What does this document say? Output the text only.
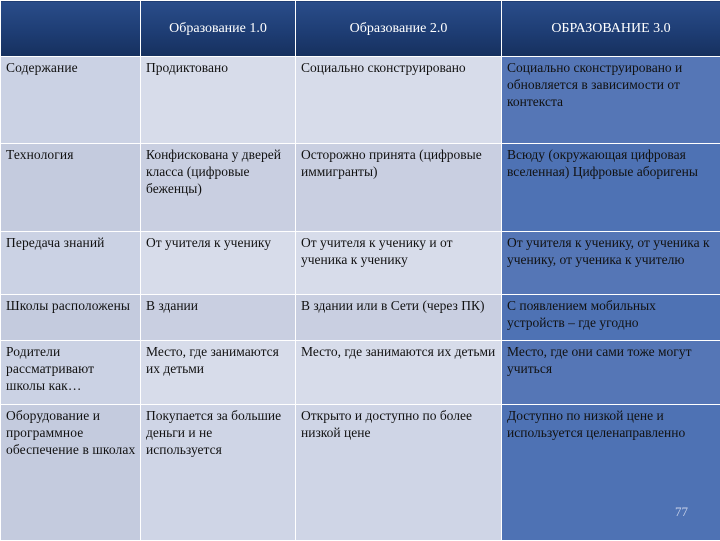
	Образование 1.0	Образование 2.0	ОБРАЗОВАНИЕ 3.0
Содержание	Продиктовано	Социально сконструировано	Социально сконструировано и обновляется в зависимости от контекста
Технология	Конфискована у дверей класса (цифровые беженцы)	Осторожно принята (цифровые иммигранты)	Всюду (окружающая цифровая вселенная) Цифровые аборигены
Передача знаний	От учителя к ученику	От учителя к ученику и от ученика к ученику	От учителя к ученику, от ученика к ученику, от ученика к учителю
Школы расположены	В здании	В здании или в Сети (через ПК)	С появлением мобильных устройств – где угодно
Родители рассматривают школы как…	Место, где занимаются их детьми	Место, где занимаются их детьми	Место, где они сами тоже могут учиться
Оборудование и программное обеспечение в школах	Покупается за большие деньги и не используется	Открыто и доступно по более низкой цене	Доступно по низкой цене и используется целенаправленно
77
